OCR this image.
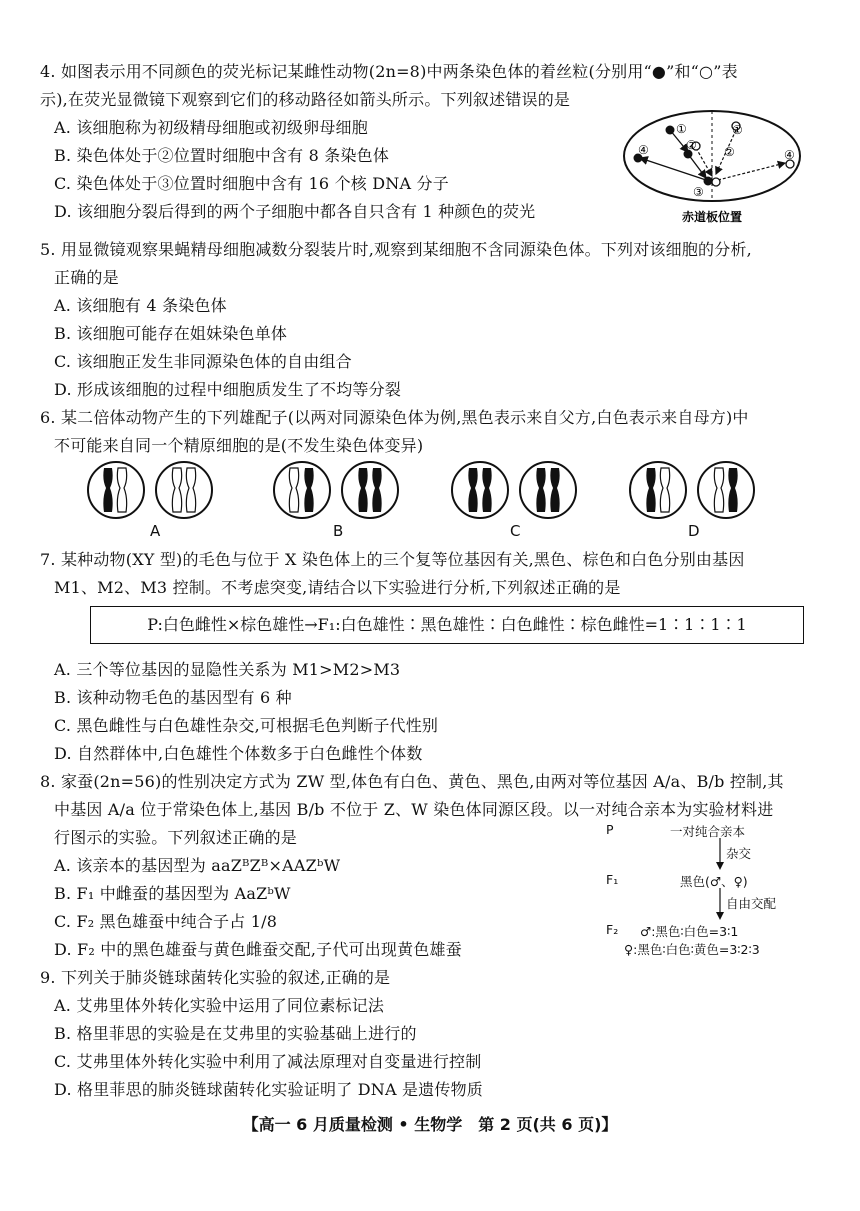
4. 如图表示用不同颜色的荧光标记某雌性动物(2n=8)中两条染色体的着丝粒(分别用“●”和“○”表
示),在荧光显微镜下观察到它们的移动路径如箭头所示。下列叙述错误的是
A. 该细胞称为初级精母细胞或初级卵母细胞
B. 染色体处于②位置时细胞中含有 8 条染色体
C. 染色体处于③位置时细胞中含有 16 个核 DNA 分子
D. 该细胞分裂后得到的两个子细胞中都各自只含有 1 种颜色的荧光
①
②
③
④	④
①
②
赤道板位置
5. 用显微镜观察果蝇精母细胞减数分裂装片时,观察到某细胞不含同源染色体。下列对该细胞的分析,
正确的是
A. 该细胞有 4 条染色体
B. 该细胞可能存在姐妹染色单体
C. 该细胞正发生非同源染色体的自由组合
D. 形成该细胞的过程中细胞质发生了不均等分裂
6. 某二倍体动物产生的下列雄配子(以两对同源染色体为例,黑色表示来自父方,白色表示来自母方)中
不可能来自同一个精原细胞的是(不发生染色体变异)
A	B	C	D
7. 某种动物(XY 型)的毛色与位于 X 染色体上的三个复等位基因有关,黑色、棕色和白色分别由基因
M1、M2、M3 控制。不考虑突变,请结合以下实验进行分析,下列叙述正确的是
P:白色雌性×棕色雄性→F₁:白色雄性∶黑色雄性∶白色雌性∶棕色雌性=1∶1∶1∶1
A. 三个等位基因的显隐性关系为 M1>M2>M3
B. 该种动物毛色的基因型有 6 种
C. 黑色雌性与白色雄性杂交,可根据毛色判断子代性别
D. 自然群体中,白色雄性个体数多于白色雌性个体数
8. 家蚕(2n=56)的性别决定方式为 ZW 型,体色有白色、黄色、黑色,由两对等位基因 A/a、B/b 控制,其
中基因 A/a 位于常染色体上,基因 B/b 不位于 Z、W 染色体同源区段。以一对纯合亲本为实验材料进
行图示的实验。下列叙述正确的是
A. 该亲本的基因型为 aaZᴮZᴮ×AAZᵇW
B. F₁ 中雌蚕的基因型为 AaZᵇW
C. F₂ 黑色雄蚕中纯合子占 1/8
D. F₂ 中的黑色雄蚕与黄色雌蚕交配,子代可出现黄色雄蚕
P	一对纯合亲本
杂交
F₁	黑色(♂、♀)
自由交配
F₂ ♂:黑色∶白色=3∶1
♀:黑色∶白色∶黄色=3∶2∶3
9. 下列关于肺炎链球菌转化实验的叙述,正确的是
A. 艾弗里体外转化实验中运用了同位素标记法
B. 格里菲思的实验是在艾弗里的实验基础上进行的
C. 艾弗里体外转化实验中利用了减法原理对自变量进行控制
D. 格里菲思的肺炎链球菌转化实验证明了 DNA 是遗传物质
【高一 6 月质量检测 • 生物学　第 2 页(共 6 页)】
